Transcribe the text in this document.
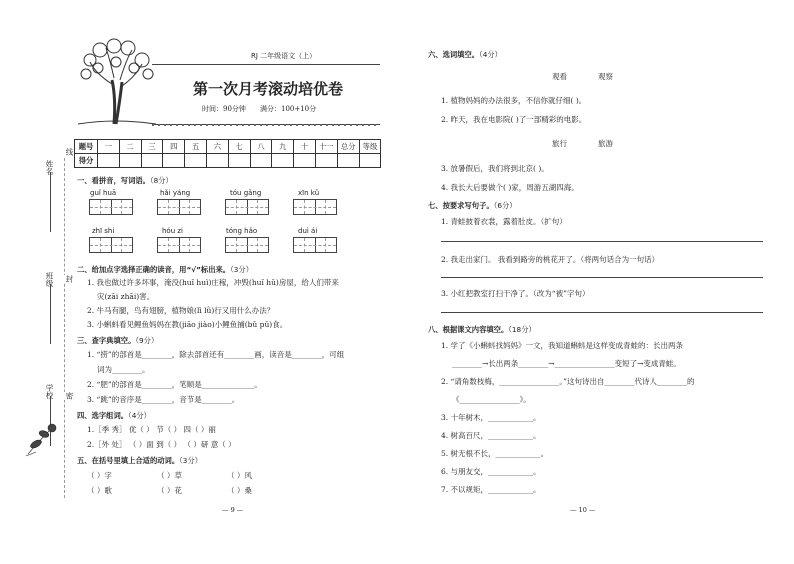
RJ 二年级语文（上）
第一次月考滚动培优卷
时间：90分钟 满分：100+10分
姓名
线
班级 封
学校 密
题号	一	二	三	四	五	六	七	八	九	十	十一	总分	等级
得分													
一、看拼音，写词语。（8分）
guǐ huā	hǎi yáng	tóu gǎng	xīn kǔ
zhī shi	hóu zi	tóng hǎo	duì ái
二、给加点字选择正确的读音，用“√”标出来。（3分）
1. 我也做过许多坏事，淹没(huǐ huì)庄稼，冲毁(huǐ hǔ)房屋，给人们带来
灾(zāi zhāi)害。
2. 牛马有腿，鸟有翅膀，植物娘(lì lǜ)行又用什么办法？
3. 小蝌蚪看见鲤鱼妈妈在教(jiāo jiào)小鲤鱼捕(bǔ pǔ)食。
三、查字典填空。（9分）
1. “捞”的部首是________，除去部首还有________画，读音是________，可组
词为________。
2. “肥”的部首是________，笔顺是______________。
3. “跳”的音序是________，音节是________。
四、选字组词。（4分）
1.［季 秀］ 优（ ） 节（ ） 四（ ）丽
2.［外 处］ （ ）面 到（ ） （ ）研 意（ ）
五、在括号里填上合适的动词。（3分）
（ ）字	（ ）草	（ ）风
（ ）歌	（ ）花	（ ）桑
— 9 —
六、选词填空。（4分）
观看	观察
1. 植物妈妈的办法很多，不信你就仔细( )。
2. 昨天，我在电影院( )了一部精彩的电影。
旅行	旅游
3. 放暑假后，我们将到北京( )。
4. 我长大后要做个( )家，周游五湖四海。
七、按要求写句子。（6分）
1. 青蛙披着衣裳，露着肚皮。（扩句）
2. 我走出家门。 我看到路旁的桃花开了。（将两句话合为一句话）
3. 小红把教室打扫干净了。（改为“被”字句）
八、根据课文内容填空。（18分）
1. 学了《小蝌蚪找妈妈》一文，我知道蝌蚪是这样变成青蛙的：长出两条
________→长出两条________→________________变短了→变成青蛙。
2. “请角数枝梅，________________。”这句诗出自________代诗人________的
《________________》。
3. 十年树木，____________。
4. 树高百尺，____________。
5. 树无根不长，____________。
6. 与朋友交，____________。
7. 不以规矩，____________。
— 10 —
